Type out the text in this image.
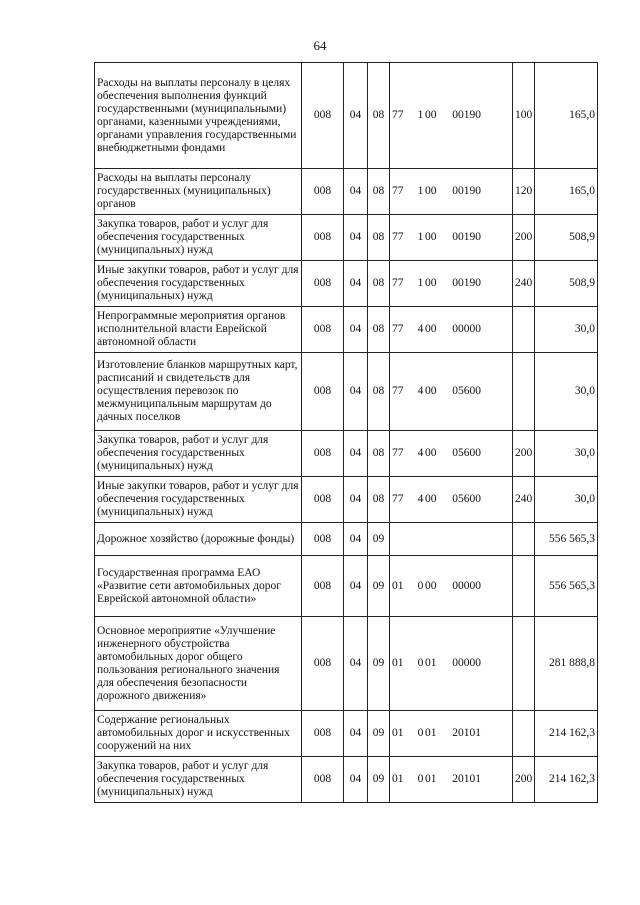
64
Расходы на выплаты персоналу в целях обеспечения выполнения функций государственными (муниципальными) органами, казенными учреждениями, органами управления государственными внебюджетными фондами	008	04	08	77 1 00 00190	100	165,0
Расходы на выплаты персоналу государственных (муниципальных) органов	008	04	08	77 1 00 00190	120	165,0
Закупка товаров, работ и услуг для обеспечения государственных (муниципальных) нужд	008	04	08	77 1 00 00190	200	508,9
Иные закупки товаров, работ и услуг для обеспечения государственных (муниципальных) нужд	008	04	08	77 1 00 00190	240	508,9
Непрограммные мероприятия органов исполнительной власти Еврейской автономной области	008	04	08	77 4 00 00000		30,0
Изготовление бланков маршрутных карт, расписаний и свидетельств для осуществления перевозок по межмуниципальным маршрутам до дачных поселков	008	04	08	77 4 00 05600		30,0
Закупка товаров, работ и услуг для обеспечения государственных (муниципальных) нужд	008	04	08	77 4 00 05600	200	30,0
Иные закупки товаров, работ и услуг для обеспечения государственных (муниципальных) нужд	008	04	08	77 4 00 05600	240	30,0
Дорожное хозяйство (дорожные фонды)	008	04	09			556 565,3
Государственная программа ЕАО «Развитие сети автомобильных дорог Еврейской автономной области»	008	04	09	01 0 00 00000		556 565,3
Основное мероприятие «Улучшение инженерного обустройства автомобильных дорог общего пользования регионального значения для обеспечения безопасности дорожного движения»	008	04	09	01 0 01 00000		281 888,8
Содержание региональных автомобильных дорог и искусственных сооружений на них	008	04	09	01 0 01 20101		214 162,3
Закупка товаров, работ и услуг для обеспечения государственных (муниципальных) нужд	008	04	09	01 0 01 20101	200	214 162,3
